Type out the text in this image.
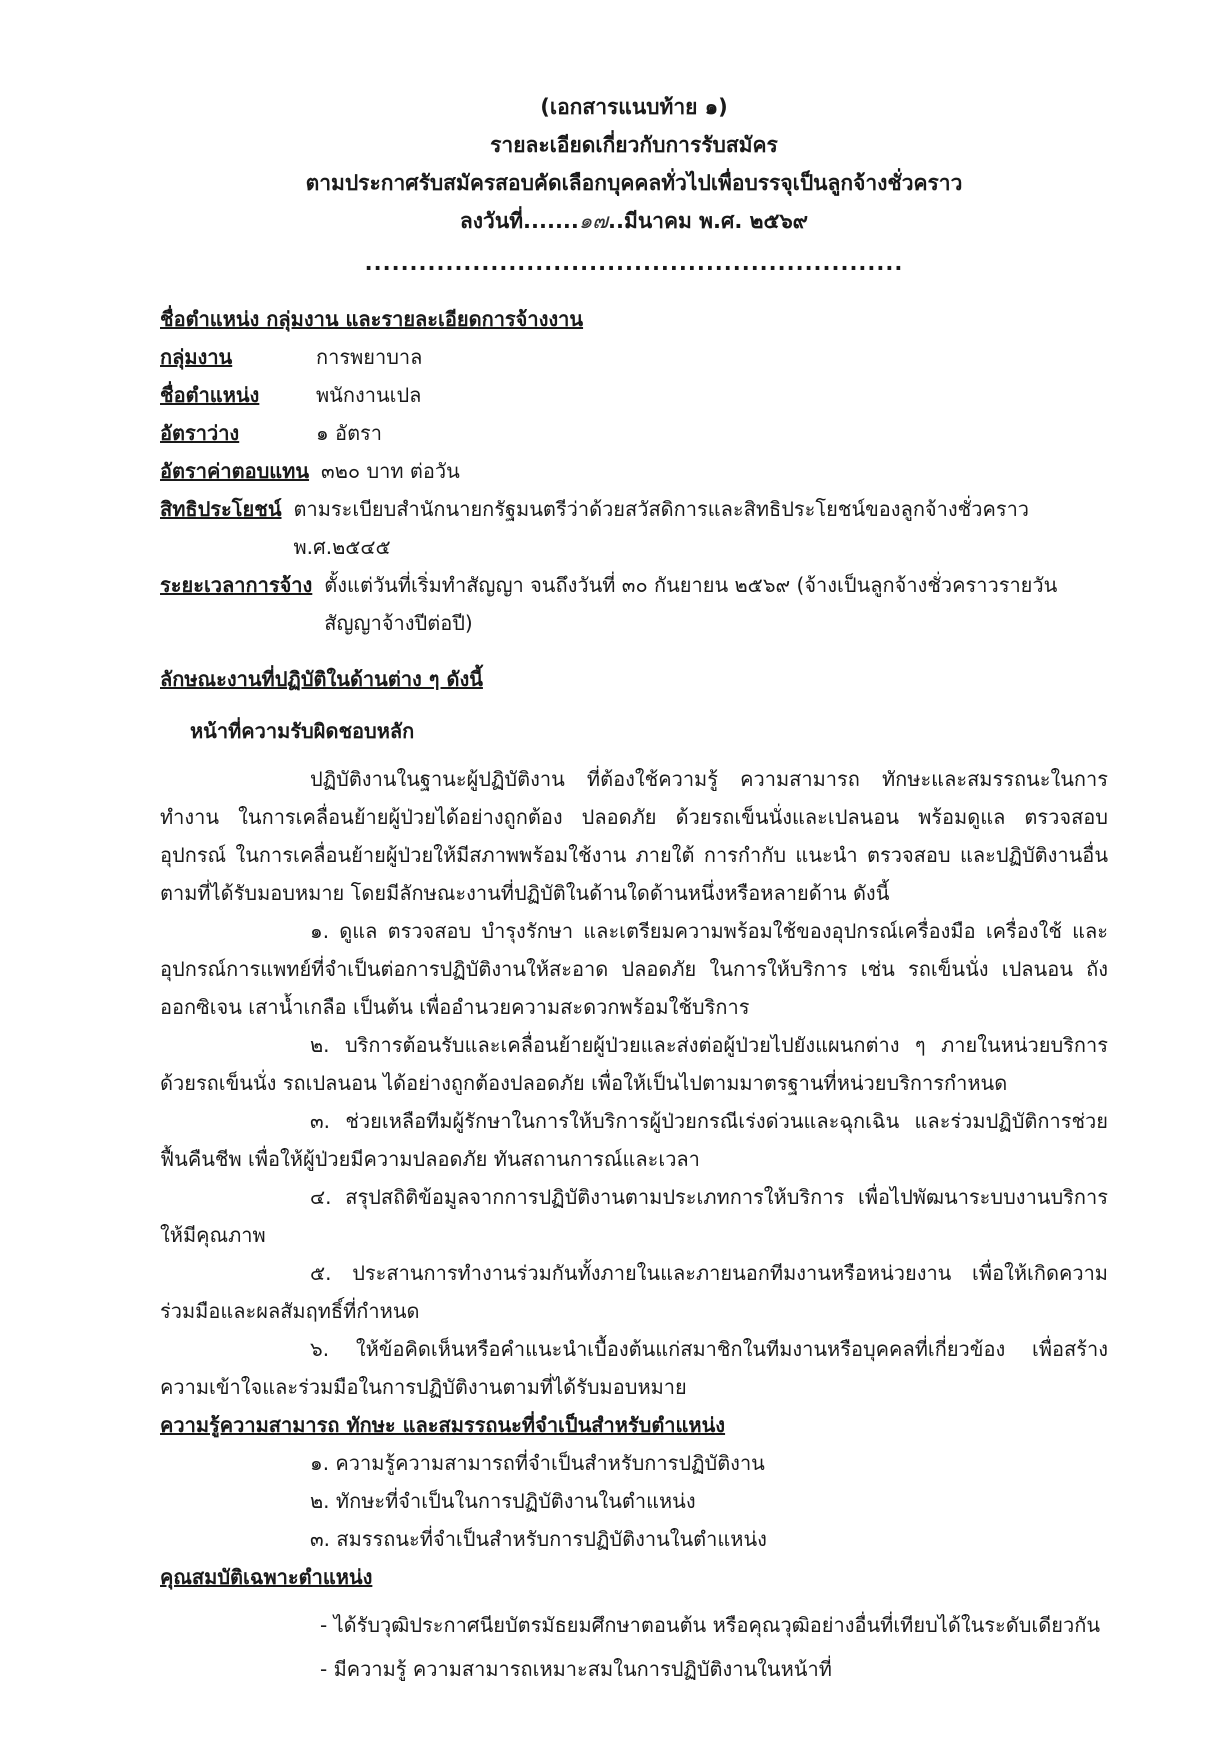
(เอกสารแนบท้าย ๑)
รายละเอียดเกี่ยวกับการรับสมัคร
ตามประกาศรับสมัครสอบคัดเลือกบุคคลทั่วไปเพื่อบรรจุเป็นลูกจ้างชั่วคราว
ลงวันที่.......๑๗..มีนาคม พ.ศ. ๒๕๖๙
............................................................
ชื่อตำแหน่ง กลุ่มงาน และรายละเอียดการจ้างงาน
กลุ่มงาน	การพยาบาล
ชื่อตำแหน่ง	พนักงานเปล
อัตราว่าง	๑ อัตรา
อัตราค่าตอบแทน ๓๒๐ บาท ต่อวัน
สิทธิประโยชน์ ตามระเบียบสำนักนายกรัฐมนตรีว่าด้วยสวัสดิการและสิทธิประโยชน์ของลูกจ้างชั่วคราว พ.ศ.๒๕๔๕
ระยะเวลาการจ้าง ตั้งแต่วันที่เริ่มทำสัญญา จนถึงวันที่ ๓๐ กันยายน ๒๕๖๙ (จ้างเป็นลูกจ้างชั่วคราวรายวัน สัญญาจ้างปีต่อปี)
ลักษณะงานที่ปฏิบัติในด้านต่าง ๆ ดังนี้
หน้าที่ความรับผิดชอบหลัก

ปฏิบัติงานในฐานะผู้ปฏิบัติงาน ที่ต้องใช้ความรู้ ความสามารถ ทักษะและสมรรถนะในการทำงาน ในการเคลื่อนย้ายผู้ป่วยได้อย่างถูกต้อง ปลอดภัย ด้วยรถเข็นนั่งและเปลนอน พร้อมดูแล ตรวจสอบอุปกรณ์ ในการเคลื่อนย้ายผู้ป่วยให้มีสภาพพร้อมใช้งาน ภายใต้ การกำกับ แนะนำ ตรวจสอบ และปฏิบัติงานอื่นตามที่ได้รับมอบหมาย โดยมีลักษณะงานที่ปฏิบัติในด้านใดด้านหนึ่งหรือหลายด้าน ดังนี้

๑. ดูแล ตรวจสอบ บำรุงรักษา และเตรียมความพร้อมใช้ของอุปกรณ์เครื่องมือ เครื่องใช้ และอุปกรณ์การแพทย์ที่จำเป็นต่อการปฏิบัติงานให้สะอาด ปลอดภัย ในการให้บริการ เช่น รถเข็นนั่ง เปลนอน ถังออกซิเจน เสาน้ำเกลือ เป็นต้น เพื่ออำนวยความสะดวกพร้อมใช้บริการ

๒. บริการต้อนรับและเคลื่อนย้ายผู้ป่วยและส่งต่อผู้ป่วยไปยังแผนกต่าง ๆ ภายในหน่วยบริการด้วยรถเข็นนั่ง รถเปลนอน ได้อย่างถูกต้องปลอดภัย เพื่อให้เป็นไปตามมาตรฐานที่หน่วยบริการกำหนด

๓. ช่วยเหลือทีมผู้รักษาในการให้บริการผู้ป่วยกรณีเร่งด่วนและฉุกเฉิน และร่วมปฏิบัติการช่วยฟื้นคืนชีพ เพื่อให้ผู้ป่วยมีความปลอดภัย ทันสถานการณ์และเวลา

๔. สรุปสถิติข้อมูลจากการปฏิบัติงานตามประเภทการให้บริการ เพื่อไปพัฒนาระบบงานบริการให้มีคุณภาพ

๕. ประสานการทำงานร่วมกันทั้งภายในและภายนอกทีมงานหรือหน่วยงาน เพื่อให้เกิดความร่วมมือและผลสัมฤทธิ์ที่กำหนด

๖. ให้ข้อคิดเห็นหรือคำแนะนำเบื้องต้นแก่สมาชิกในทีมงานหรือบุคคลที่เกี่ยวข้อง เพื่อสร้างความเข้าใจและร่วมมือในการปฏิบัติงานตามที่ได้รับมอบหมาย

ความรู้ความสามารถ ทักษะ และสมรรถนะที่จำเป็นสำหรับตำแหน่ง
๑. ความรู้ความสามารถที่จำเป็นสำหรับการปฏิบัติงาน
๒. ทักษะที่จำเป็นในการปฏิบัติงานในตำแหน่ง
๓. สมรรถนะที่จำเป็นสำหรับการปฏิบัติงานในตำแหน่ง
คุณสมบัติเฉพาะตำแหน่ง

- ได้รับวุฒิประกาศนียบัตรมัธยมศึกษาตอนต้น หรือคุณวุฒิอย่างอื่นที่เทียบได้ในระดับเดียวกัน

- มีความรู้ ความสามารถเหมาะสมในการปฏิบัติงานในหน้าที่
